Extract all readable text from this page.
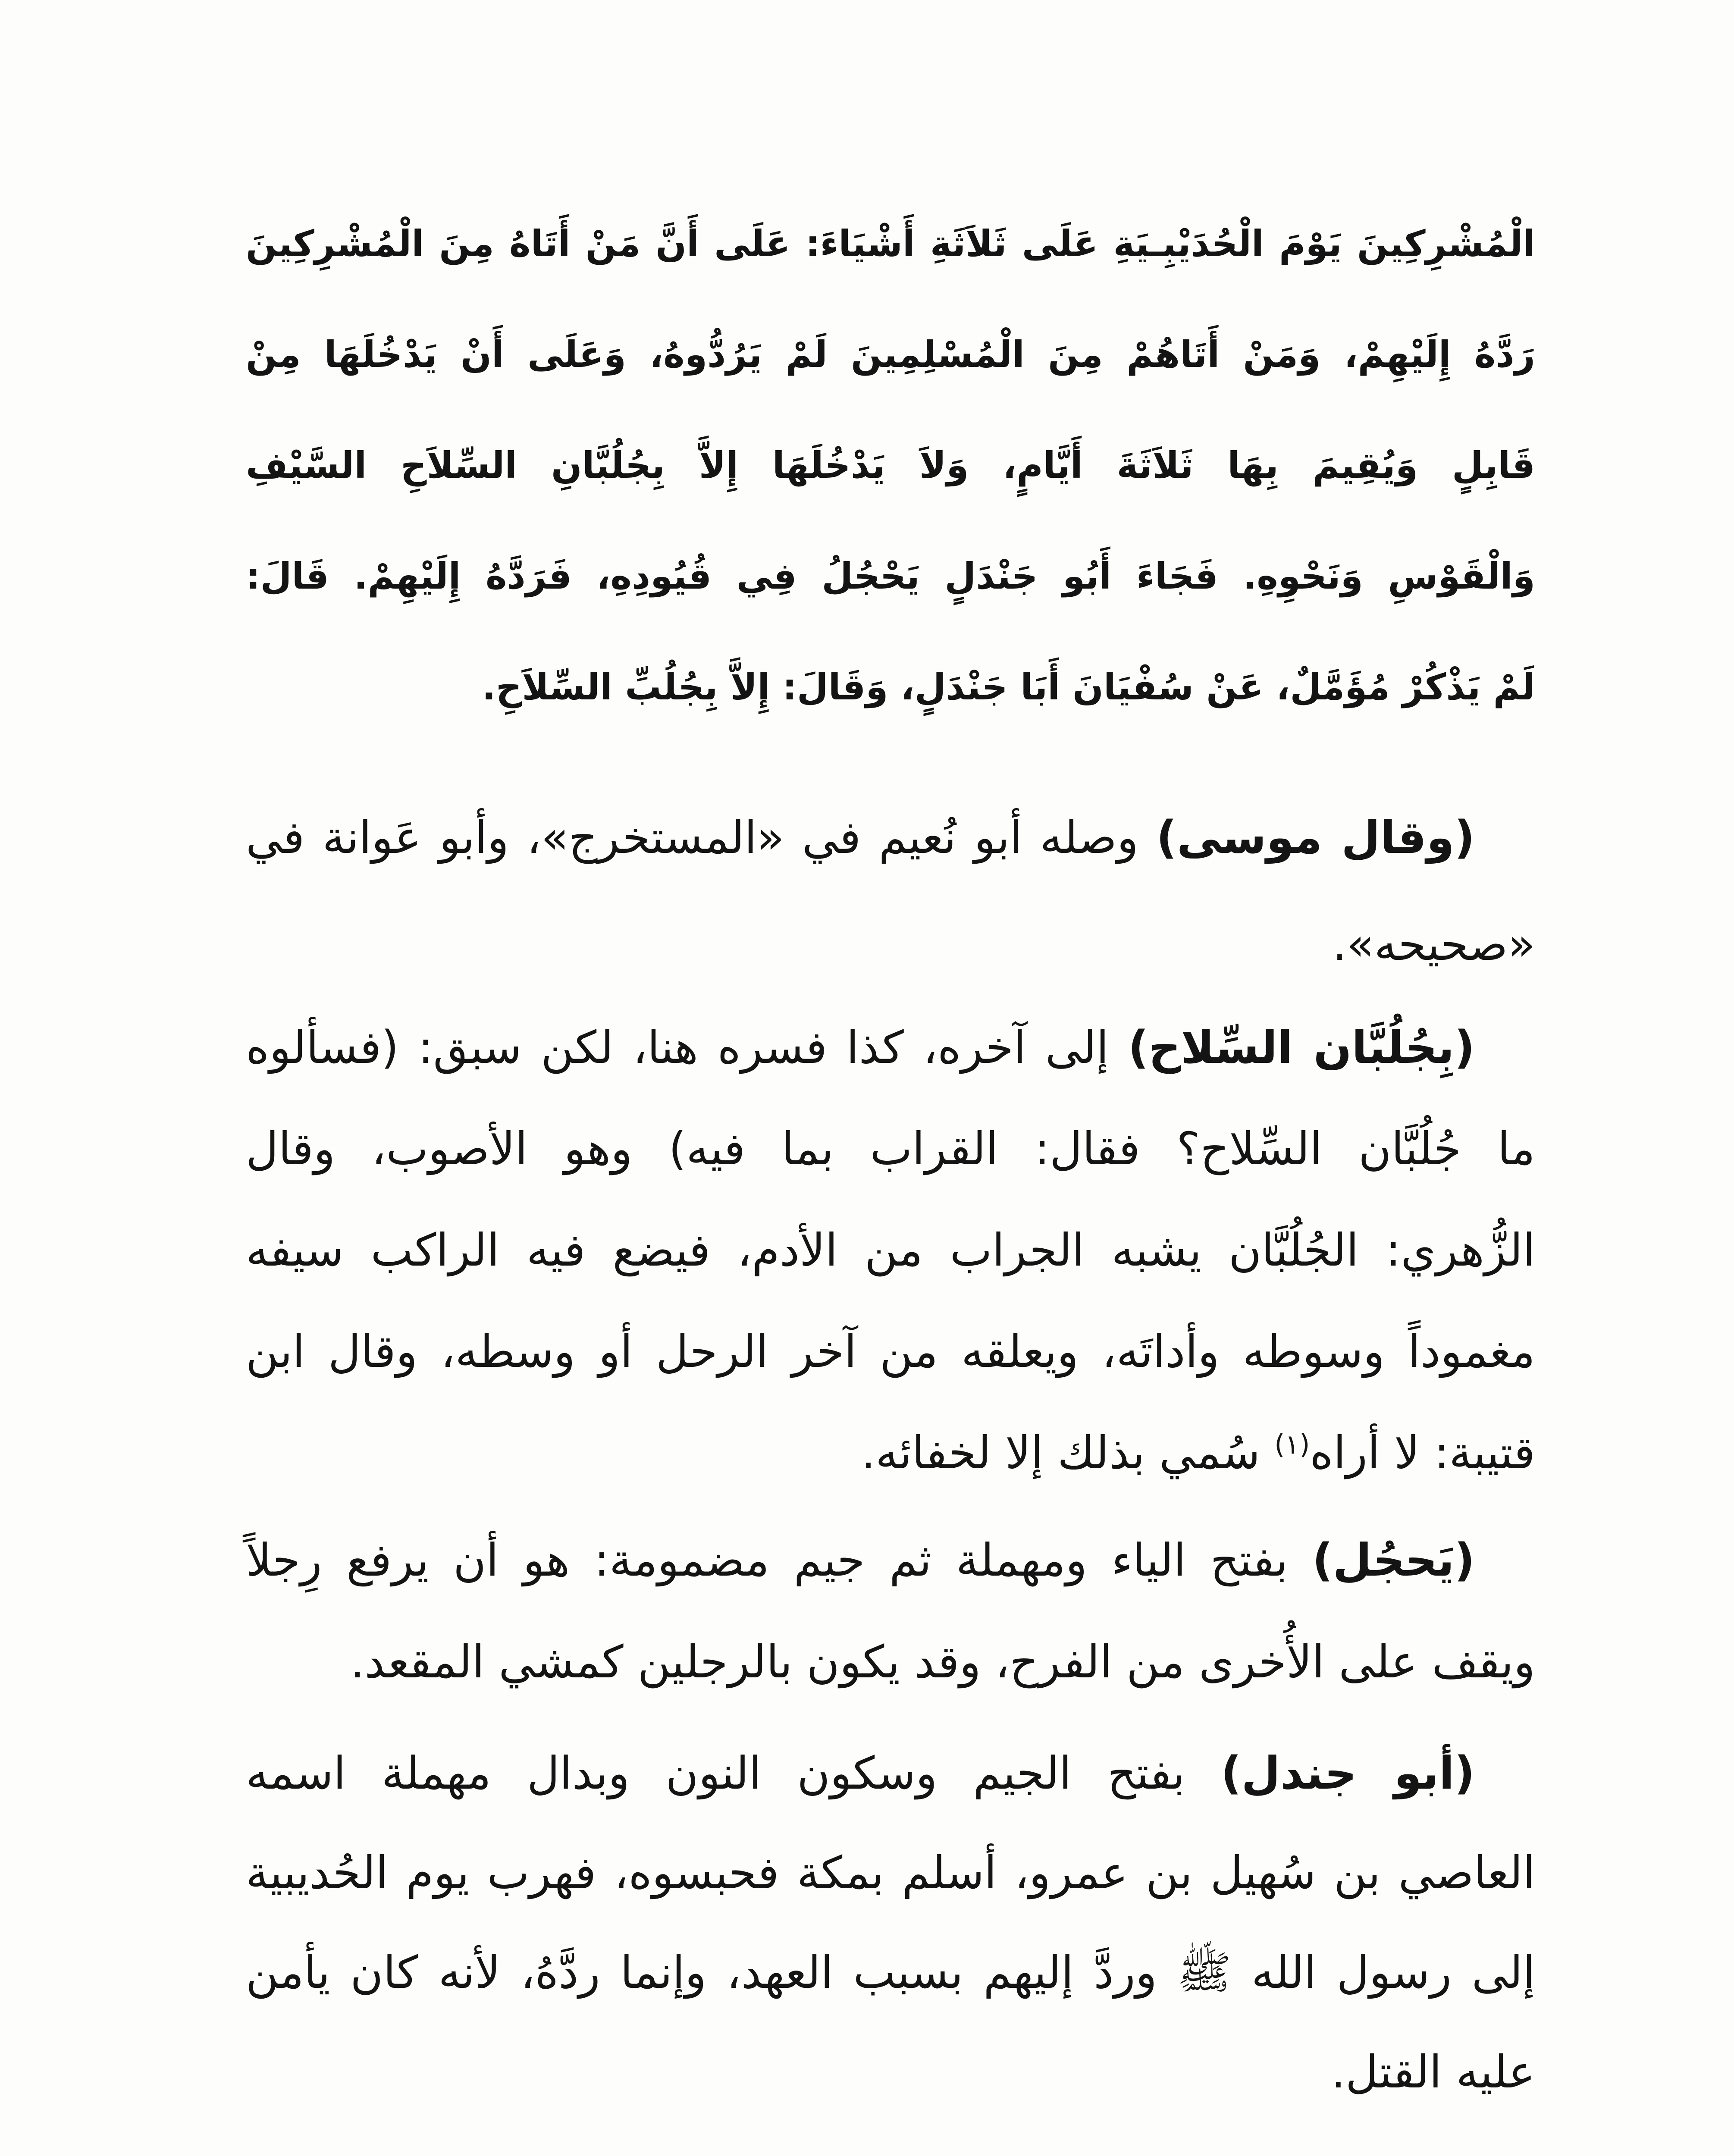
الْمُشْرِكِينَ يَوْمَ الْحُدَيْبِـيَةِ عَلَى ثَلاَثَةِ أَشْيَاءَ: عَلَى أَنَّ مَنْ أَتَاهُ مِنَ الْمُشْرِكِينَ
رَدَّهُ إِلَيْهِمْ، وَمَنْ أَتَاهُمْ مِنَ الْمُسْلِمِينَ لَمْ يَرُدُّوهُ، وَعَلَى أَنْ يَدْخُلَهَا مِنْ
قَابِلٍ وَيُقِيمَ بِهَا ثَلاَثَةَ أَيَّامٍ، وَلاَ يَدْخُلَهَا إِلاَّ بِجُلُبَّانِ السِّلاَحِ السَّيْفِ
وَالْقَوْسِ وَنَحْوِهِ. فَجَاءَ أَبُو جَنْدَلٍ يَحْجُلُ فِي قُيُودِهِ، فَرَدَّهُ إِلَيْهِمْ. قَالَ:
لَمْ يَذْكُرْ مُؤَمَّلٌ، عَنْ سُفْيَانَ أَبَا جَنْدَلٍ، وَقَالَ: إِلاَّ بِجُلُبِّ السِّلاَحِ.
(وقال موسى) وصله أبو نُعيم في «المستخرج»، وأبو عَوانة في
«صحيحه».
(بِجُلُبَّان السِّلاح) إلى آخره، كذا فسره هنا، لكن سبق: (فسألوه
ما جُلُبَّان السِّلاح؟ فقال: القراب بما فيه) وهو الأصوب، وقال
الزُّهري: الجُلُبَّان يشبه الجراب من الأدم، فيضع فيه الراكب سيفه
مغموداً وسوطه وأداتَه، ويعلقه من آخر الرحل أو وسطه، وقال ابن
قتيبة: لا أراه$^{(١)}$ سُمي بذلك إلا لخفائه.
(يَحجُل) بفتح الياء ومهملة ثم جيم مضمومة: هو أن يرفع رِجلاً
ويقف على الأُخرى من الفرح، وقد يكون بالرجلين كمشي المقعد.
(أبو جندل) بفتح الجيم وسكون النون وبدال مهملة اسمه
العاصي بن سُهيل بن عمرو، أسلم بمكة فحبسوه، فهرب يوم الحُديبية
إلى رسول الله ﷺ وردَّ إليهم بسبب العهد، وإنما ردَّهُ، لأنه كان يأمن
عليه القتل.
